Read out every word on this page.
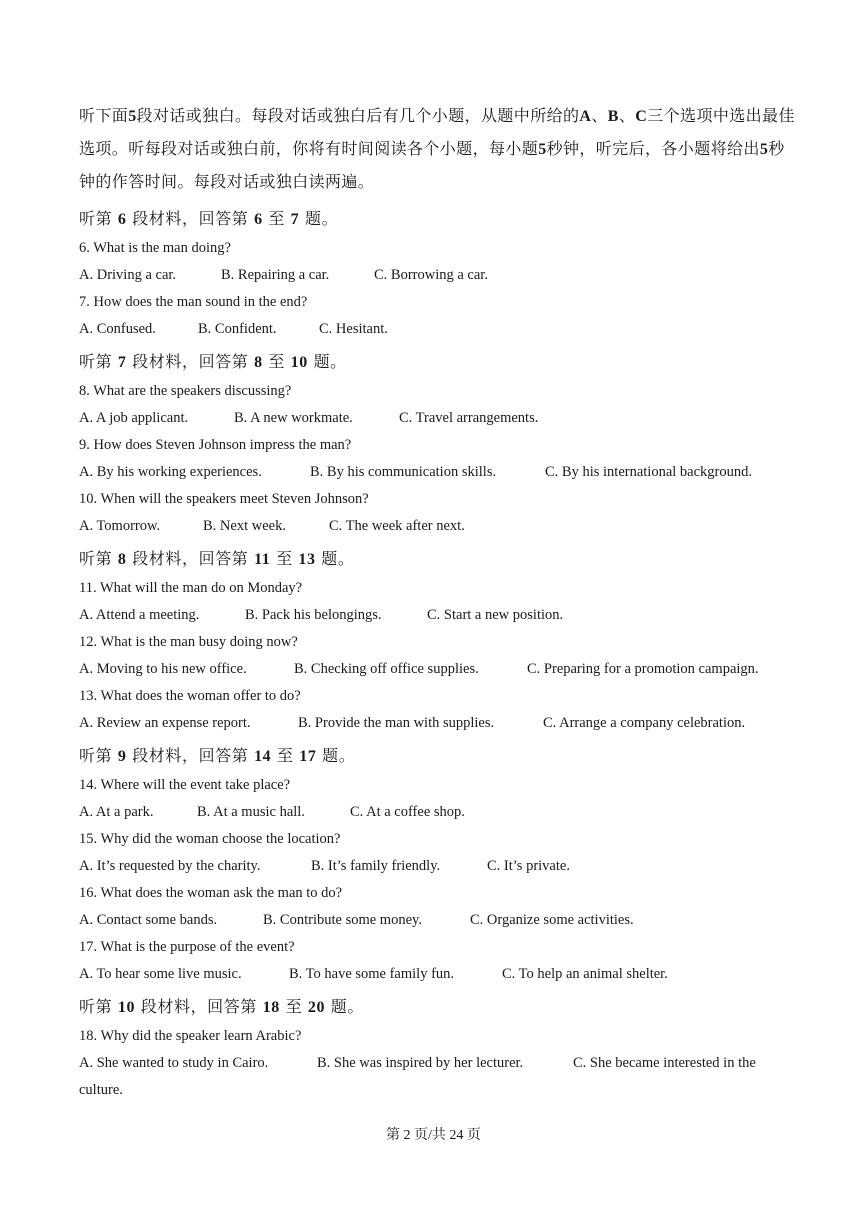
听下面5段对话或独白。每段对话或独白后有几个小题，从题中所给的A、B、C三个选项中选出最佳选项。听每段对话或独白前，你将有时间阅读各个小题，每小题5秒钟，听完后，各小题将给出5秒钟的作答时间。每段对话或独白读两遍。
听第 6 段材料，回答第 6 至 7 题。
6. What is the man doing?
A. Driving a car.	B. Repairing a car.	C. Borrowing a car.
7. How does the man sound in the end?
A. Confused.	B. Confident.	C. Hesitant.
听第 7 段材料，回答第 8 至 10 题。
8. What are the speakers discussing?
A. A job applicant.	B. A new workmate.	C. Travel arrangements.
9. How does Steven Johnson impress the man?
A. By his working experiences.	B. By his communication skills.	C. By his international background.
10. When will the speakers meet Steven Johnson?
A. Tomorrow.	B. Next week.	C. The week after next.
听第 8 段材料，回答第 11 至 13 题。
11. What will the man do on Monday?
A. Attend a meeting.	B. Pack his belongings.	C. Start a new position.
12. What is the man busy doing now?
A. Moving to his new office.	B. Checking off office supplies.	C. Preparing for a promotion campaign.
13. What does the woman offer to do?
A. Review an expense report.	B. Provide the man with supplies.	C. Arrange a company celebration.
听第 9 段材料，回答第 14 至 17 题。
14. Where will the event take place?
A. At a park.	B. At a music hall.	C. At a coffee shop.
15. Why did the woman choose the location?
A. It’s requested by the charity.	B. It’s family friendly.	C. It’s private.
16. What does the woman ask the man to do?
A. Contact some bands.	B. Contribute some money.	C. Organize some activities.
17. What is the purpose of the event?
A. To hear some live music.	B. To have some family fun.	C. To help an animal shelter.
听第 10 段材料，回答第 18 至 20 题。
18. Why did the speaker learn Arabic?
A. She wanted to study in Cairo.	B. She was inspired by her lecturer.	C. She became interested in the
culture.
第 2 页/共 24 页
